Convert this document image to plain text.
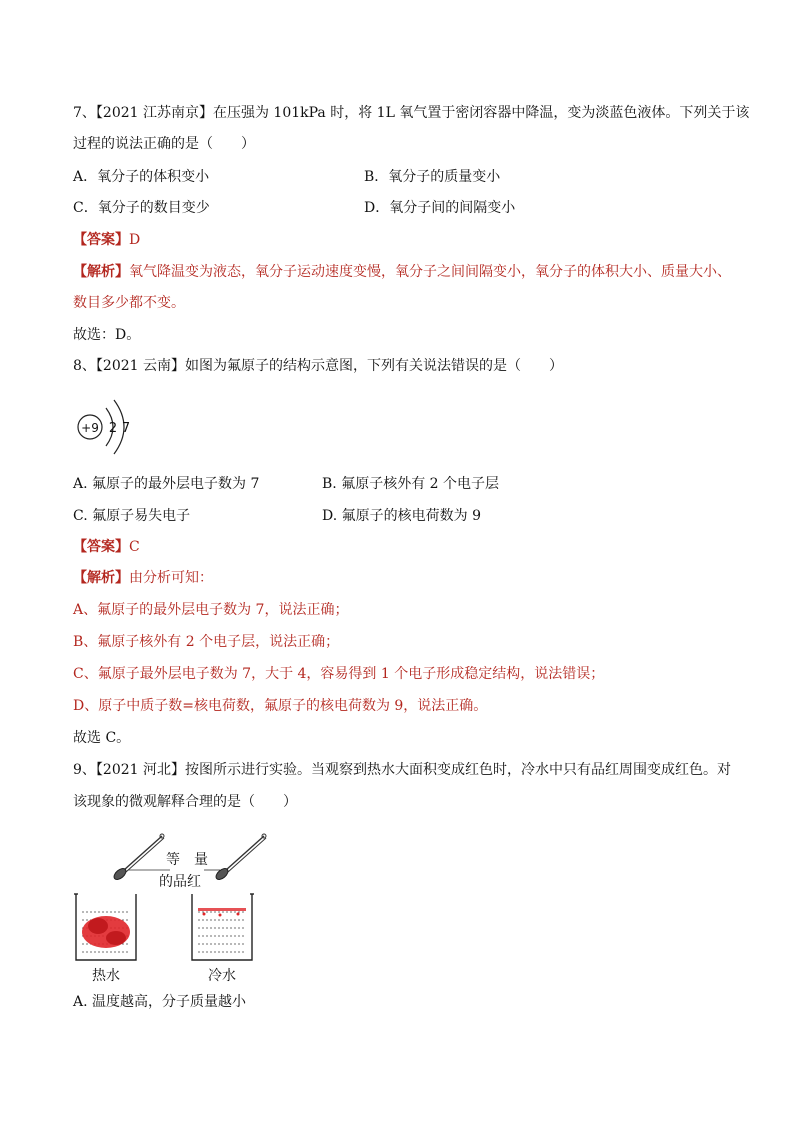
7、【2021 江苏南京】在压强为 101kPa 时，将 1L 氧气置于密闭容器中降温，变为淡蓝色液体。下列关于该
过程的说法正确的是（　　）
A．氧分子的体积变小	B．氧分子的质量变小
C．氧分子的数目变少	D．氧分子间的间隔变小
【答案】D
【解析】氧气降温变为液态，氧分子运动速度变慢，氧分子之间间隔变小，氧分子的体积大小、质量大小、
数目多少都不变。
故选：D。
8、【2021 云南】如图为氟原子的结构示意图，下列有关说法错误的是（　　）
+9 2 7
A. 氟原子的最外层电子数为 7	B. 氟原子核外有 2 个电子层
C. 氟原子易失电子	D. 氟原子的核电荷数为 9
【答案】C
【解析】由分析可知：
A、氟原子的最外层电子数为 7，说法正确；
B、氟原子核外有 2 个电子层，说法正确；
C、氟原子最外层电子数为 7，大于 4，容易得到 1 个电子形成稳定结构，说法错误；
D、原子中质子数=核电荷数，氟原子的核电荷数为 9，说法正确。
故选 C。
9、【2021 河北】按图所示进行实验。当观察到热水大面积变成红色时，冷水中只有品红周围变成红色。对
该现象的微观解释合理的是（　　）
等　量
的品红
热水	冷水
A. 温度越高，分子质量越小
